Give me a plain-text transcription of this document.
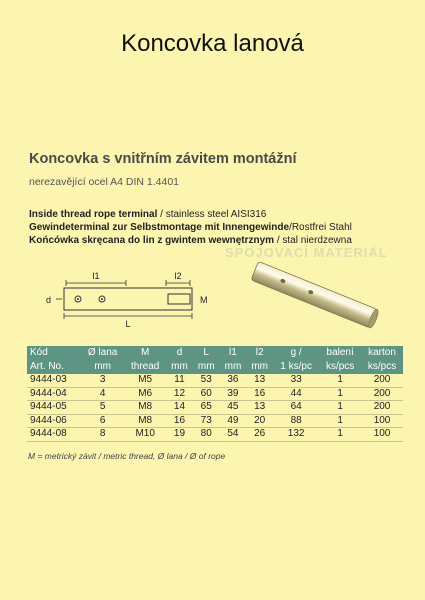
Koncovka lanová
Koncovka s vnitřním závitem montážní
nerezavějící ocel A4 DIN 1.4401
Inside thread rope terminal / stainless steel AISI316
Gewindeterminal zur Selbstmontage mit Innengewinde/Rostfrei Stahl
Końcówka skręcana do lin z gwintem wewnętrznym / stal nierdzewna
SPOJOVACÍ MATERIÁL
l1	l2
d	M
L
Kód	Ø lana	M	d	L	l1	l2	g /	balení	karton
Art. No.	mm	thread	mm	mm	mm	mm	1 ks/pc	ks/pcs	ks/pcs
9444-03	3	M5	11	53	36	13	33	1	200
9444-04	4	M6	12	60	39	16	44	1	200
9444-05	5	M8	14	65	45	13	64	1	200
9444-06	6	M8	16	73	49	20	88	1	100
9444-08	8	M10	19	80	54	26	132	1	100
M = metrický závit / metric thread, Ø lana / Ø of rope
